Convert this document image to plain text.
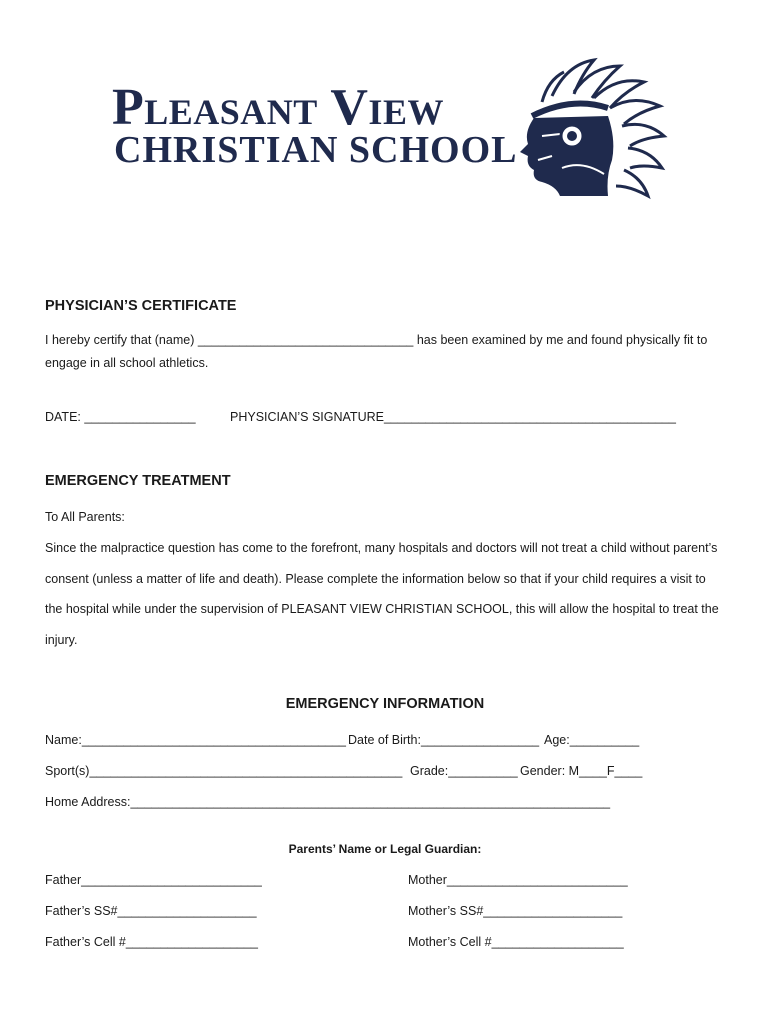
Pleasant View
CHRISTIAN SCHOOL
PHYSICIAN’S CERTIFICATE
I hereby certify that (name) _______________________________ has been examined by me and found physically fit to
engage in all school athletics.
DATE: ________________	PHYSICIAN’S SIGNATURE__________________________________________
EMERGENCY TREATMENT
To All Parents:
Since the malpractice question has come to the forefront, many hospitals and doctors will not treat a child without parent’s
consent (unless a matter of life and death). Please complete the information below so that if your child requires a visit to
the hospital while under the supervision of PLEASANT VIEW CHRISTIAN SCHOOL, this will allow the hospital to treat the
injury.
EMERGENCY INFORMATION
Name:______________________________________ Date of Birth:_________________ Age:__________
Sport(s)_____________________________________________ Grade:__________ Gender: M____F____
Home Address:_____________________________________________________________________
Parents’ Name or Legal Guardian:
Father__________________________	Mother__________________________
Father’s SS#____________________	Mother’s SS#____________________
Father’s Cell #___________________	Mother’s Cell #___________________
